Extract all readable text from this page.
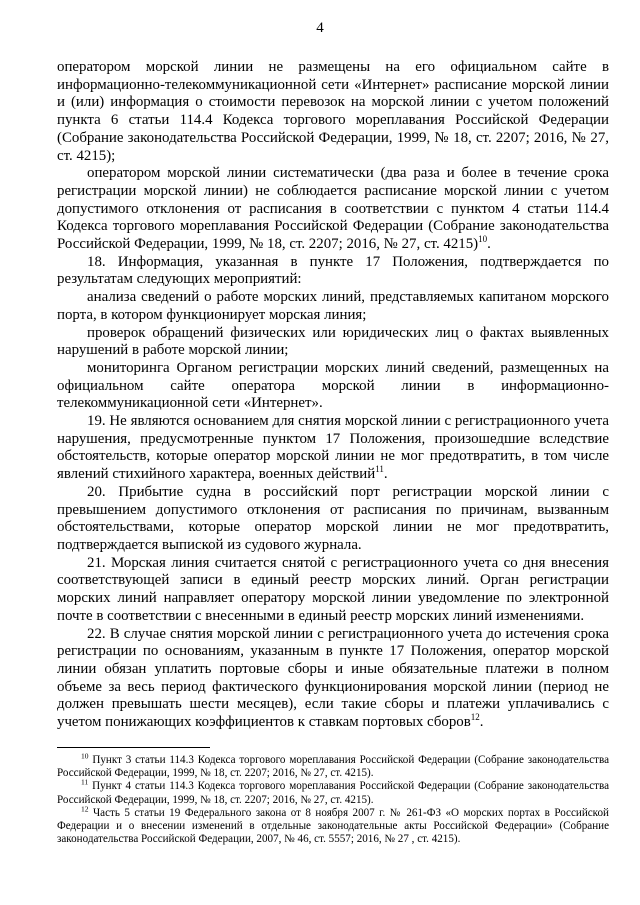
4

оператором морской линии не размещены на его официальном сайте в информационно-телекоммуникационной сети «Интернет» расписание морской линии и (или) информация о стоимости перевозок на морской линии с учетом положений пункта 6 статьи 114.4 Кодекса торгового мореплавания Российской Федерации (Собрание законодательства Российской Федерации, 1999, № 18, ст. 2207; 2016, № 27, ст. 4215);

оператором морской линии систематически (два раза и более в течение срока регистрации морской линии) не соблюдается расписание морской линии с учетом допустимого отклонения от расписания в соответствии с пунктом 4 статьи 114.4 Кодекса торгового мореплавания Российской Федерации (Собрание законодательства Российской Федерации, 1999, № 18, ст. 2207; 2016, № 27, ст. 4215)$^{10}$.

18. Информация, указанная в пункте 17 Положения, подтверждается по результатам следующих мероприятий:

анализа сведений о работе морских линий, представляемых капитаном морского порта, в котором функционирует морская линия;

проверок обращений физических или юридических лиц о фактах выявленных нарушений в работе морской линии;

мониторинга Органом регистрации морских линий сведений, размещенных на официальном сайте оператора морской линии в информационно-телекоммуникационной сети «Интернет».

19. Не являются основанием для снятия морской линии с регистрационного учета нарушения, предусмотренные пунктом 17 Положения, произошедшие вследствие обстоятельств, которые оператор морской линии не мог предотвратить, в том числе явлений стихийного характера, военных действий$^{11}$.

20. Прибытие судна в российский порт регистрации морской линии с превышением допустимого отклонения от расписания по причинам, вызванным обстоятельствами, которые оператор морской линии не мог предотвратить, подтверждается выпиской из судового журнала.

21. Морская линия считается снятой с регистрационного учета со дня внесения соответствующей записи в единый реестр морских линий. Орган регистрации морских линий направляет оператору морской линии уведомление по электронной почте в соответствии с внесенными в единый реестр морских линий изменениями.

22. В случае снятия морской линии с регистрационного учета до истечения срока регистрации по основаниям, указанным в пункте 17 Положения, оператор морской линии обязан уплатить портовые сборы и иные обязательные платежи в полном объеме за весь период фактического функционирования морской линии (период не должен превышать шести месяцев), если такие сборы и платежи уплачивались с учетом понижающих коэффициентов к ставкам портовых сборов$^{12}$.

$^{10}$ Пункт 3 статьи 114.3 Кодекса торгового мореплавания Российской Федерации (Собрание законодательства Российской Федерации, 1999, № 18, ст. 2207; 2016, № 27, ст. 4215).

$^{11}$ Пункт 4 статьи 114.3 Кодекса торгового мореплавания Российской Федерации (Собрание законодательства Российской Федерации, 1999, № 18, ст. 2207; 2016, № 27, ст. 4215).

$^{12}$ Часть 5 статьи 19 Федерального закона от 8 ноября 2007 г. № 261-ФЗ «О морских портах в Российской Федерации и о внесении изменений в отдельные законодательные акты Российской Федерации» (Собрание законодательства Российской Федерации, 2007, № 46, ст. 5557; 2016, № 27 , ст. 4215).
